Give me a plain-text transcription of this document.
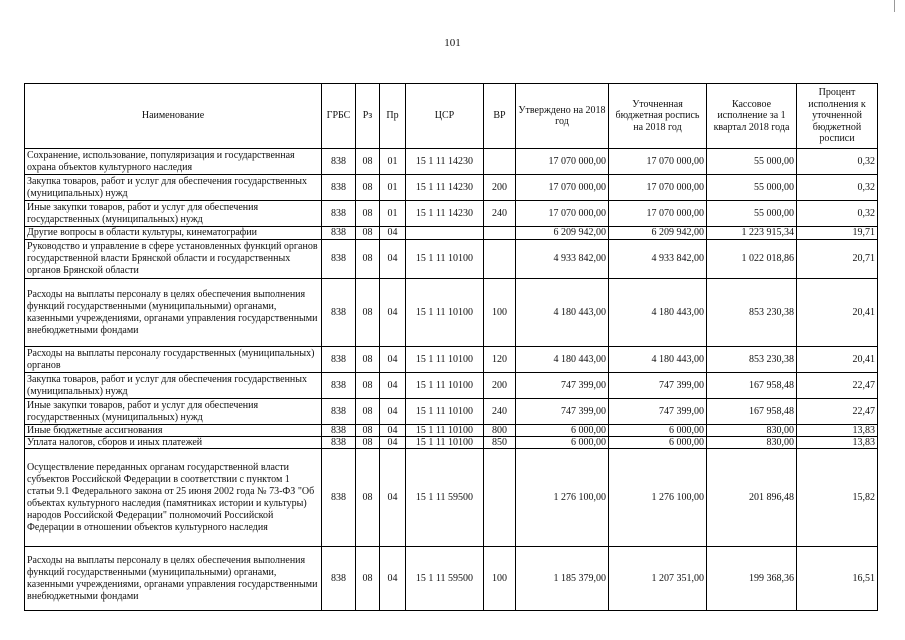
101
Наименование	ГРБС	Рз	Пр	ЦСР	ВР	Утверждено на 2018 год	Уточненная бюджетная роспись на 2018 год	Кассовое исполнение за 1 квартал 2018 года	Процент исполнения к уточненной бюджетной росписи
Сохранение, использование, популяризация и государственная охрана объектов культурного наследия	838	08	01	15 1 11 14230		17 070 000,00	17 070 000,00	55 000,00	0,32
Закупка товаров, работ и услуг для обеспечения государственных (муниципальных) нужд	838	08	01	15 1 11 14230	200	17 070 000,00	17 070 000,00	55 000,00	0,32
Иные закупки товаров, работ и услуг для обеспечения государственных (муниципальных) нужд	838	08	01	15 1 11 14230	240	17 070 000,00	17 070 000,00	55 000,00	0,32
Другие вопросы в области культуры, кинематографии	838	08	04			6 209 942,00	6 209 942,00	1 223 915,34	19,71
Руководство и управление в сфере установленных функций органов государственной власти Брянской области и государственных органов Брянской области	838	08	04	15 1 11 10100		4 933 842,00	4 933 842,00	1 022 018,86	20,71
Расходы на выплаты персоналу в целях обеспечения выполнения функций государственными (муниципальными) органами, казенными учреждениями, органами управления государственными внебюджетными фондами	838	08	04	15 1 11 10100	100	4 180 443,00	4 180 443,00	853 230,38	20,41
Расходы на выплаты персоналу государственных (муниципальных) органов	838	08	04	15 1 11 10100	120	4 180 443,00	4 180 443,00	853 230,38	20,41
Закупка товаров, работ и услуг для обеспечения государственных (муниципальных) нужд	838	08	04	15 1 11 10100	200	747 399,00	747 399,00	167 958,48	22,47
Иные закупки товаров, работ и услуг для обеспечения государственных (муниципальных) нужд	838	08	04	15 1 11 10100	240	747 399,00	747 399,00	167 958,48	22,47
Иные бюджетные ассигнования	838	08	04	15 1 11 10100	800	6 000,00	6 000,00	830,00	13,83
Уплата налогов, сборов и иных платежей	838	08	04	15 1 11 10100	850	6 000,00	6 000,00	830,00	13,83
Осуществление переданных органам государственной власти субъектов Российской Федерации в соответствии с пунктом 1 статьи 9.1 Федерального закона от 25 июня 2002 года № 73-ФЗ "Об объектах культурного наследия (памятниках истории и культуры) народов Российской Федерации" полномочий Российской Федерации в отношении объектов культурного наследия	838	08	04	15 1 11 59500		1 276 100,00	1 276 100,00	201 896,48	15,82
Расходы на выплаты персоналу в целях обеспечения выполнения функций государственными (муниципальными) органами, казенными учреждениями, органами управления государственными внебюджетными фондами	838	08	04	15 1 11 59500	100	1 185 379,00	1 207 351,00	199 368,36	16,51
